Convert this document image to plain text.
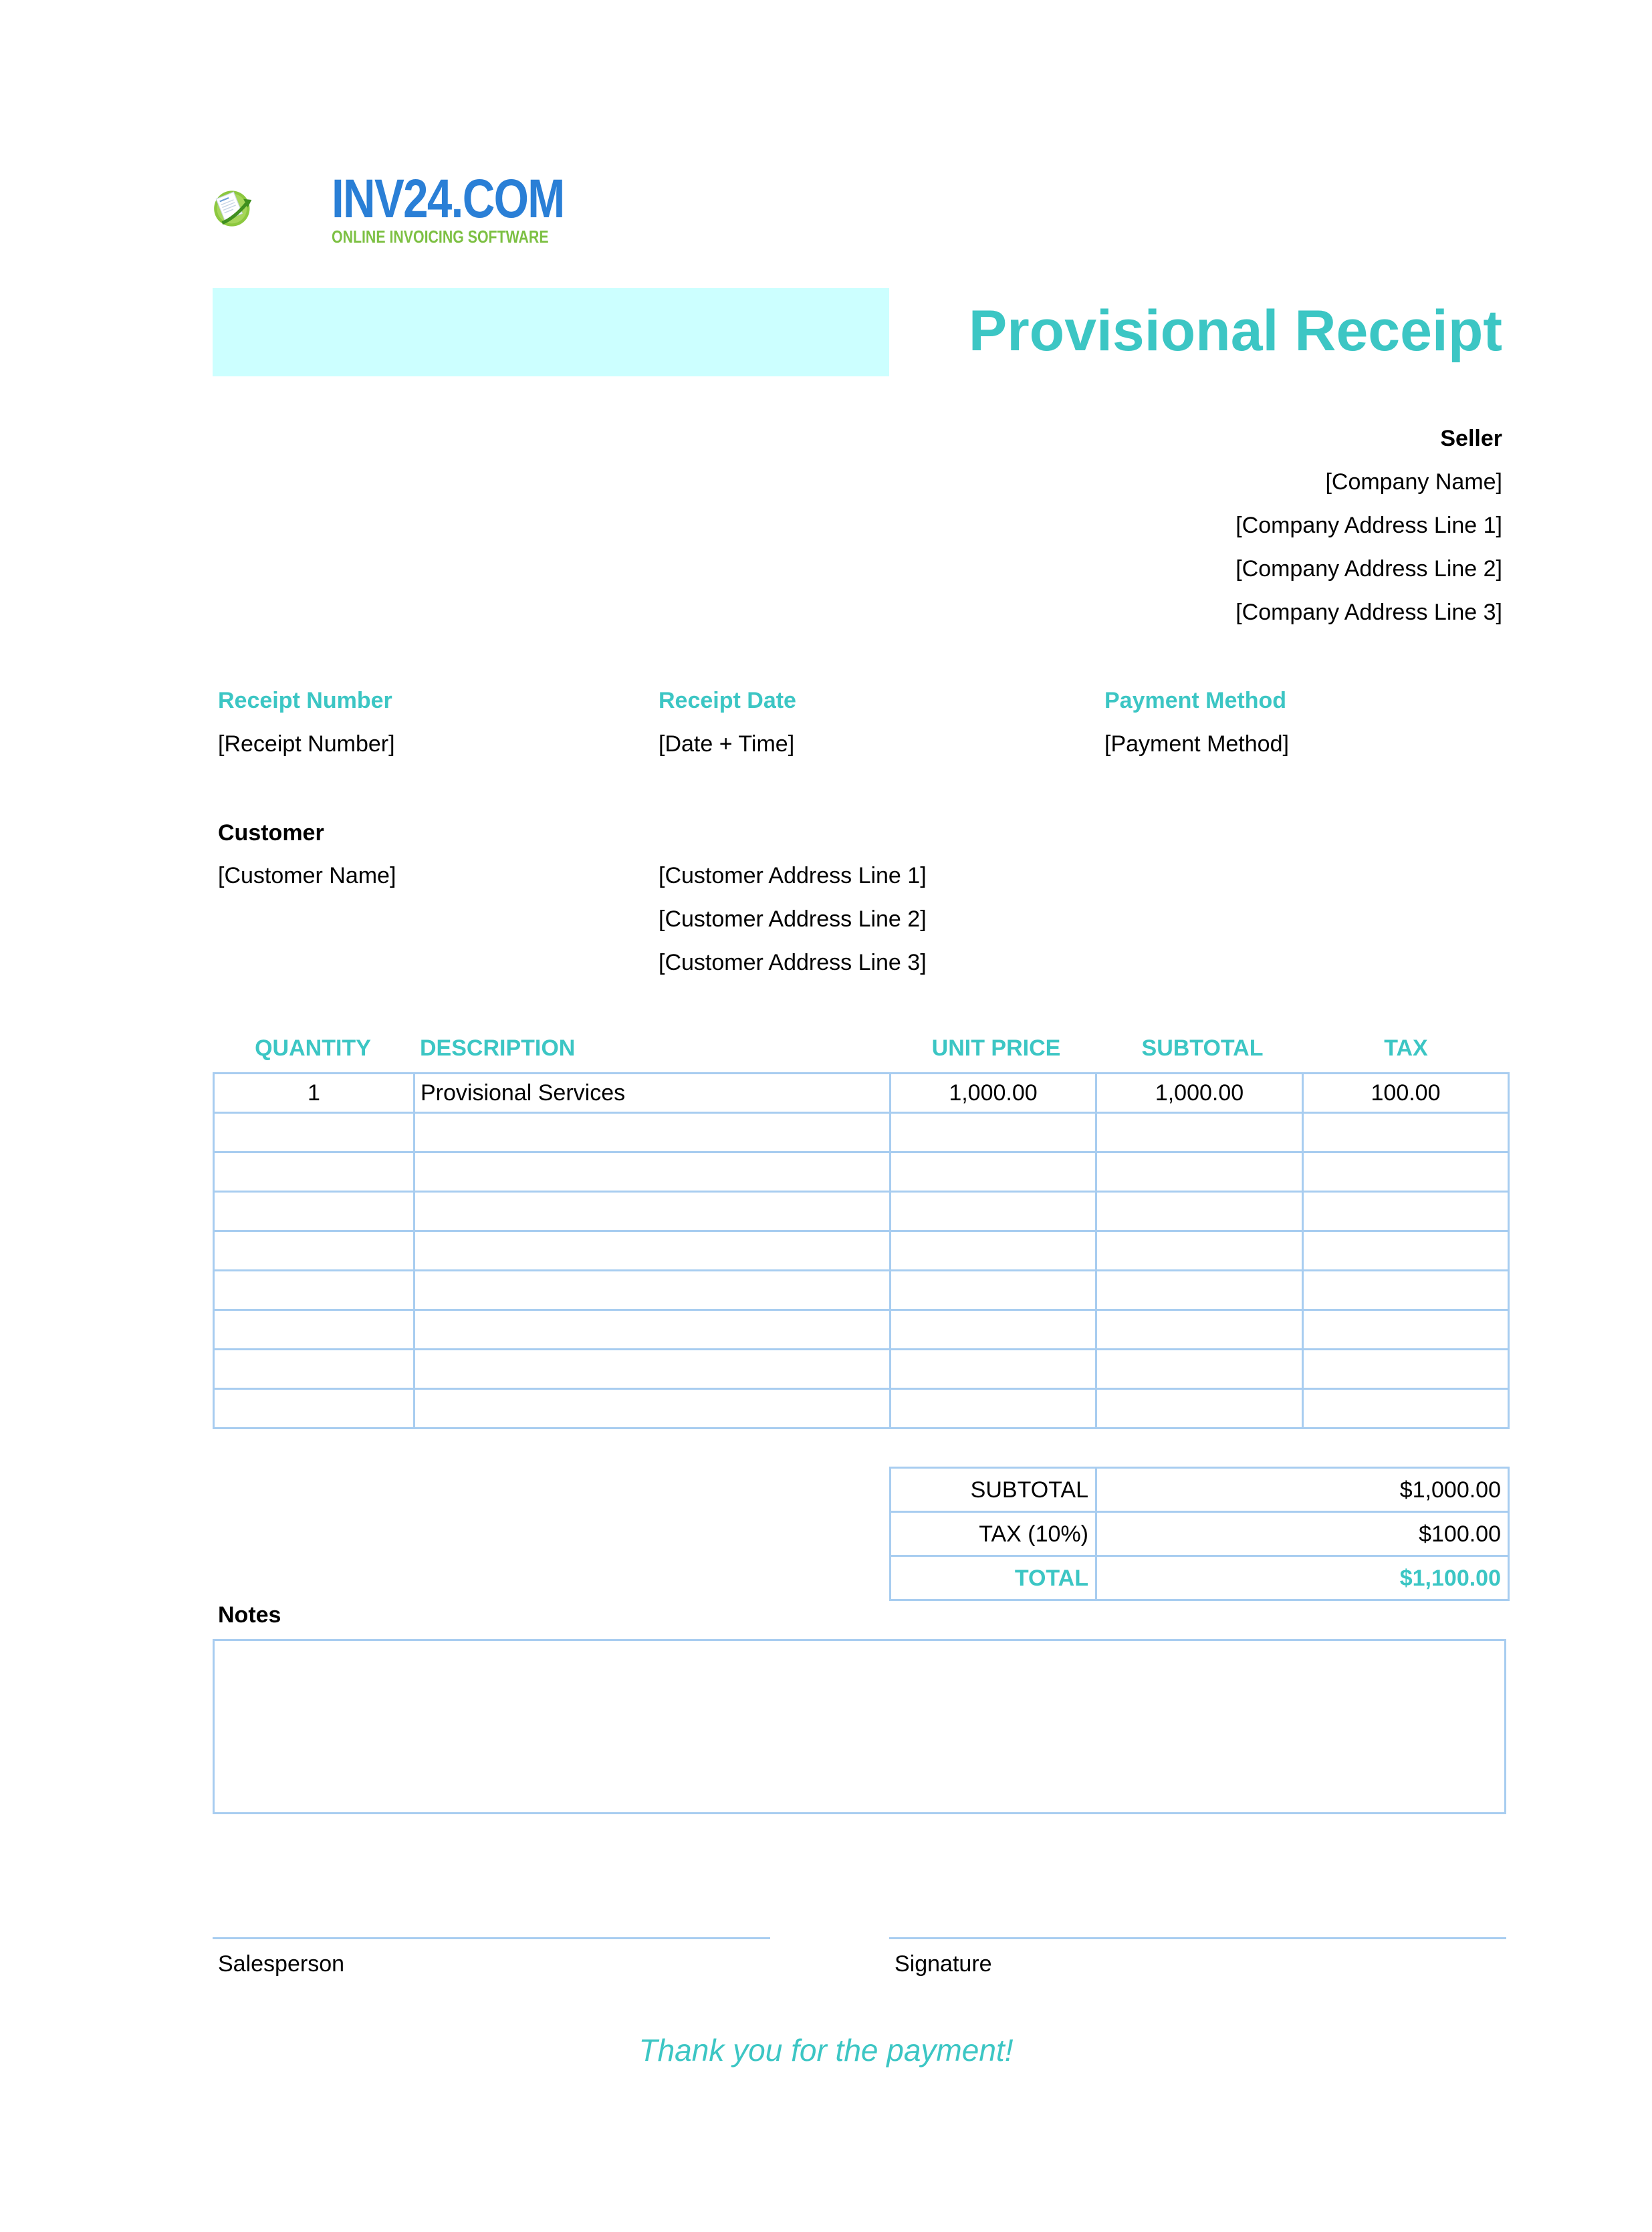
INV24.COM
ONLINE INVOICING SOFTWARE
Provisional Receipt
Seller
[Company Name]
[Company Address Line 1]
[Company Address Line 2]
[Company Address Line 3]
Receipt Number
[Receipt Number]
Receipt Date
[Date + Time]
Payment Method
[Payment Method]
Customer
[Customer Name]	[Customer Address Line 1]
[Customer Address Line 2]
[Customer Address Line 3]
QUANTITY	DESCRIPTION	UNIT PRICE	SUBTOTAL	TAX
1	Provisional Services	1,000.00	1,000.00	100.00

SUBTOTAL	$1,000.00
TAX (10%)	$100.00
TOTAL	$1,100.00
Notes
Salesperson	Signature
Thank you for the payment!
